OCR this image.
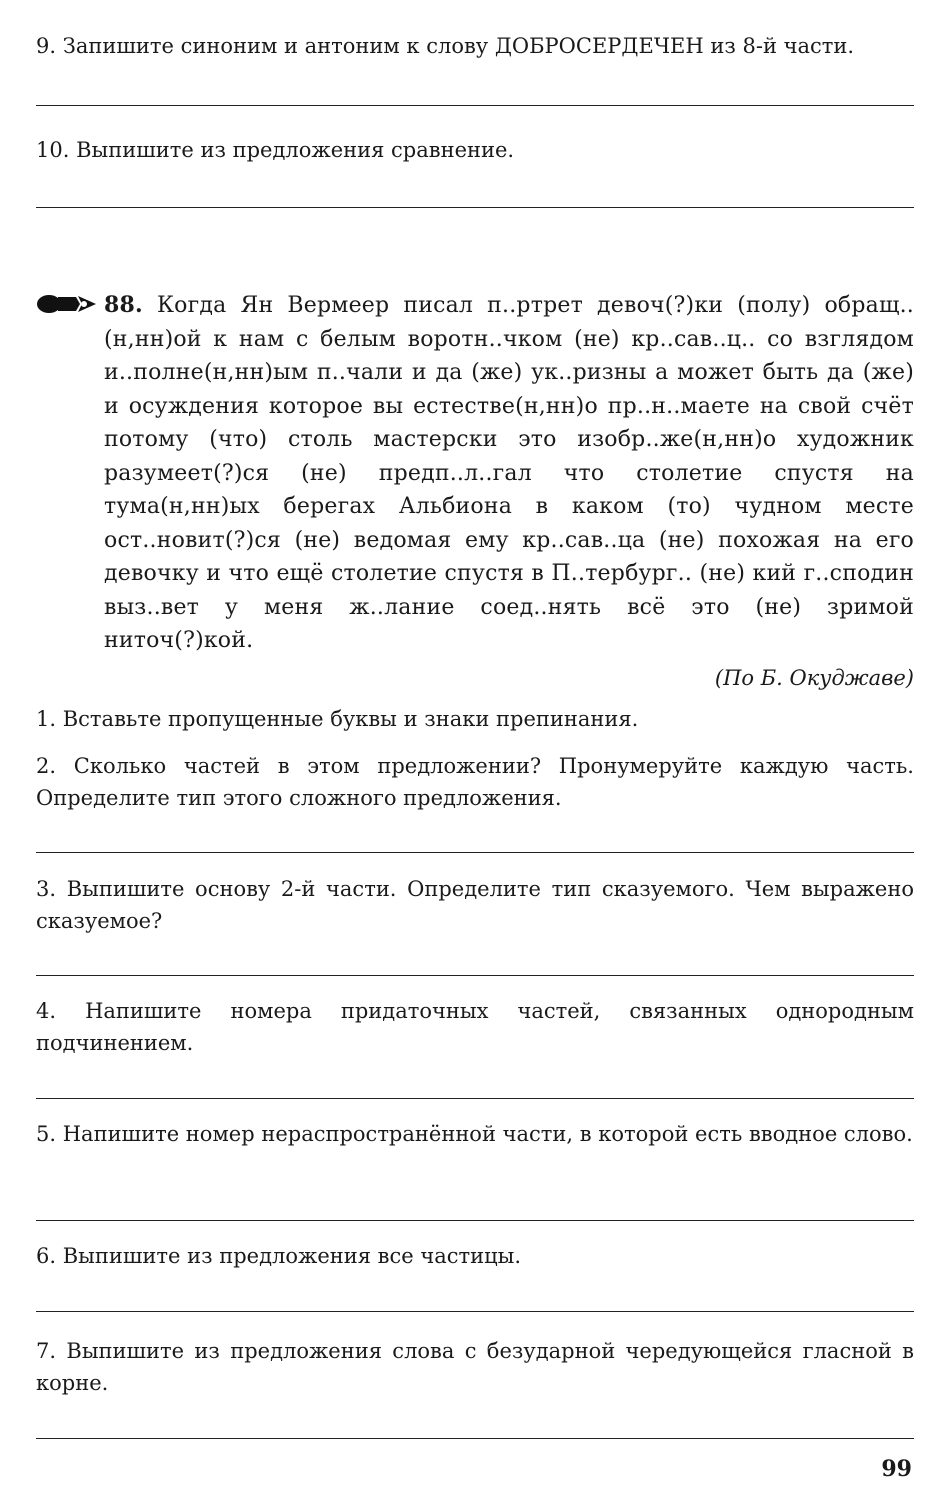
9. Запишите синоним и антоним к слову ДОБРОСЕРДЕЧЕН из 8-й части.
10. Выпишите из предложения сравнение.
88. Когда Ян Вермеер писал п..ртрет девоч(?)ки (полу) обращ..(н,нн)ой к нам с белым воротн..чком (не) кр..сав..ц.. со взглядом и..полне(н,нн)ым п..чали и да (же) ук..ризны а может быть да (же) и осуждения которое вы естестве(н,нн)о пр..н..маете на свой счёт потому (что) столь мастерски это изобр..же(н,нн)о художник разумеет(?)ся (не) предп..л..гал что столетие спустя на тума(н,нн)ых берегах Альбиона в каком (то) чудном месте ост..новит(?)ся (не) ведомая ему кр..сав..ца (не) похожая на его девочку и что ещё столетие спустя в П..тербург.. (не) кий г..сподин выз..вет у меня ж..лание соед..нять всё это (не) зримой ниточ(?)кой.
(По Б. Окуджаве)
1. Вставьте пропущенные буквы и знаки препинания.
2. Сколько частей в этом предложении? Пронумеруйте каждую часть. Определите тип этого сложного предложения.
3. Выпишите основу 2-й части. Определите тип сказуемого. Чем выражено сказуемое?
4. Напишите номера придаточных частей, связанных однородным подчинением.
5. Напишите номер нераспространённой части, в которой есть вводное слово.
6. Выпишите из предложения все частицы.
7. Выпишите из предложения слова с безударной чередующейся гласной в корне.
99
